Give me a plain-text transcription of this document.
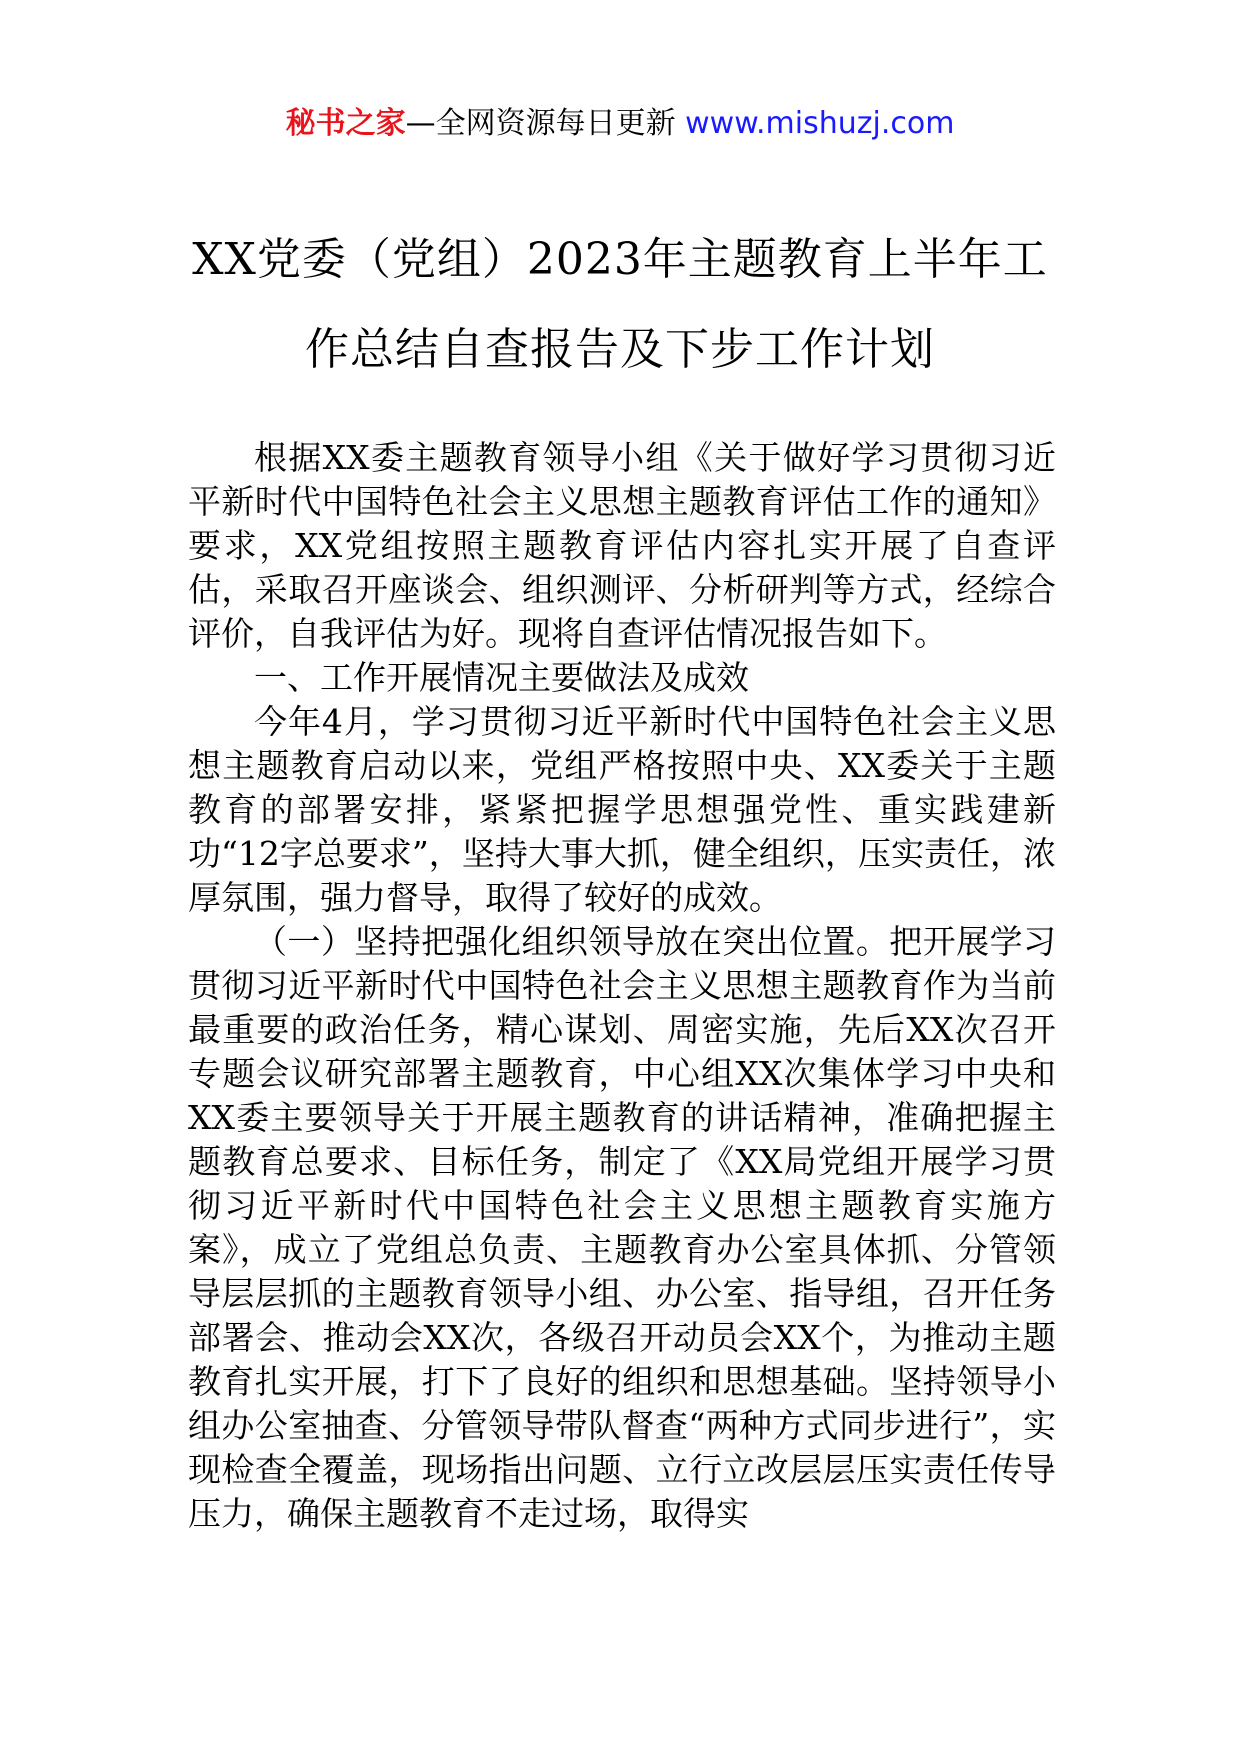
秘书之家—全网资源每日更新 www.mishuzj.com
XX党委（党组）2023年主题教育上半年工
作总结自查报告及下步工作计划

根据XX委主题教育领导小组《关于做好学习贯彻习近平新时代中国特色社会主义思想主题教育评估工作的通知》要求，XX党组按照主题教育评估内容扎实开展了自查评估，采取召开座谈会、组织测评、分析研判等方式，经综合评价，自我评估为好。现将自查评估情况报告如下。

一、工作开展情况主要做法及成效

今年4月，学习贯彻习近平新时代中国特色社会主义思想主题教育启动以来，党组严格按照中央、XX委关于主题教育的部署安排，紧紧把握学思想强党性、重实践建新功“12字总要求”，坚持大事大抓，健全组织，压实责任，浓厚氛围，强力督导，取得了较好的成效。

（一）坚持把强化组织领导放在突出位置。把开展学习贯彻习近平新时代中国特色社会主义思想主题教育作为当前最重要的政治任务，精心谋划、周密实施，先后XX次召开专题会议研究部署主题教育，中心组XX次集体学习中央和XX委主要领导关于开展主题教育的讲话精神，准确把握主题教育总要求、目标任务，制定了《XX局党组开展学习贯彻习近平新时代中国特色社会主义思想主题教育实施方案》，成立了党组总负责、主题教育办公室具体抓、分管领导层层抓的主题教育领导小组、办公室、指导组，召开任务部署会、推动会XX次，各级召开动员会XX个，为推动主题教育扎实开展，打下了良好的组织和思想基础。坚持领导小组办公室抽查、分管领导带队督查“两种方式同步进行”，实现检查全覆盖，现场指出问题、立行立改层层压实责任传导压力，确保主题教育不走过场，取得实
